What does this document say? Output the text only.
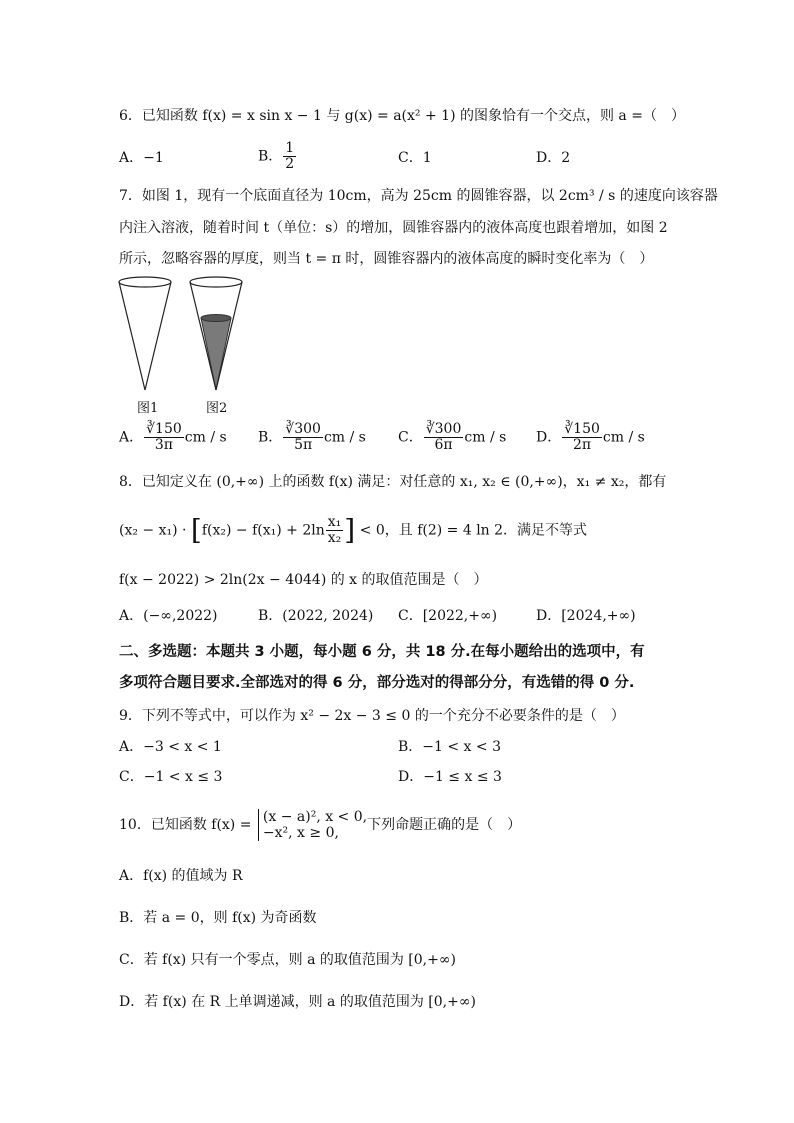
6．已知函数 f(x) = x sin x − 1 与 g(x) = a(x² + 1) 的图象恰有一个交点，则 a =（　）
A．−1	B． $\frac{1}{2}$	C．1	D．2
7．如图 1，现有一个底面直径为 10cm，高为 25cm 的圆锥容器，以 2cm³ / s 的速度向该容器
内注入溶液，随着时间 t（单位：s）的增加，圆锥容器内的液体高度也跟着增加，如图 2
所示，忽略容器的厚度，则当 t = π 时，圆锥容器内的液体高度的瞬时变化率为（　）
图1	图2
A． $\frac{∛150}{3\pi}$ cm / s B． $\frac{∛300}{5\pi}$ cm / s C． $\frac{∛300}{6\pi}$ cm / s D． $\frac{∛150}{2\pi}$ cm / s
8．已知定义在 (0,+∞) 上的函数 f(x) 满足：对任意的 x₁, x₂ ∈ (0,+∞)，x₁ ≠ x₂，都有
$(x_2 - x_1) \cdot [f(x_2) - f(x_1) + 2\ln \frac{\text{x₁}}{\text{x₂}}$ ] < 0，且 f(2) = 4 ln 2．满足不等式
f(x − 2022) > 2ln(2x − 4044) 的 x 的取值范围是（　）
A．(−∞,2022)	B．(2022, 2024) C．[2022,+∞)	D．[2024,+∞)
二、多选题：本题共 3 小题，每小题 6 分，共 18 分.在每小题给出的选项中，有
多项符合题目要求.全部选对的得 6 分，部分选对的得部分分，有选错的得 0 分.
9．下列不等式中，可以作为 x² − 2x − 3 ≤ 0 的一个充分不必要条件的是（　）
A．−3 < x < 1	B．−1 < x < 3
C．−1 < x ≤ 3	D．−1 ≤ x ≤ 3
10．已知函数 f(x) = (x − a)², x < 0,
−x², x ≥ 0,	下列命题正确的是（　）
A．f(x) 的值域为 R
B．若 a = 0，则 f(x) 为奇函数
C．若 f(x) 只有一个零点，则 a 的取值范围为 [0,+∞)
D．若 f(x) 在 R 上单调递减，则 a 的取值范围为 [0,+∞)
